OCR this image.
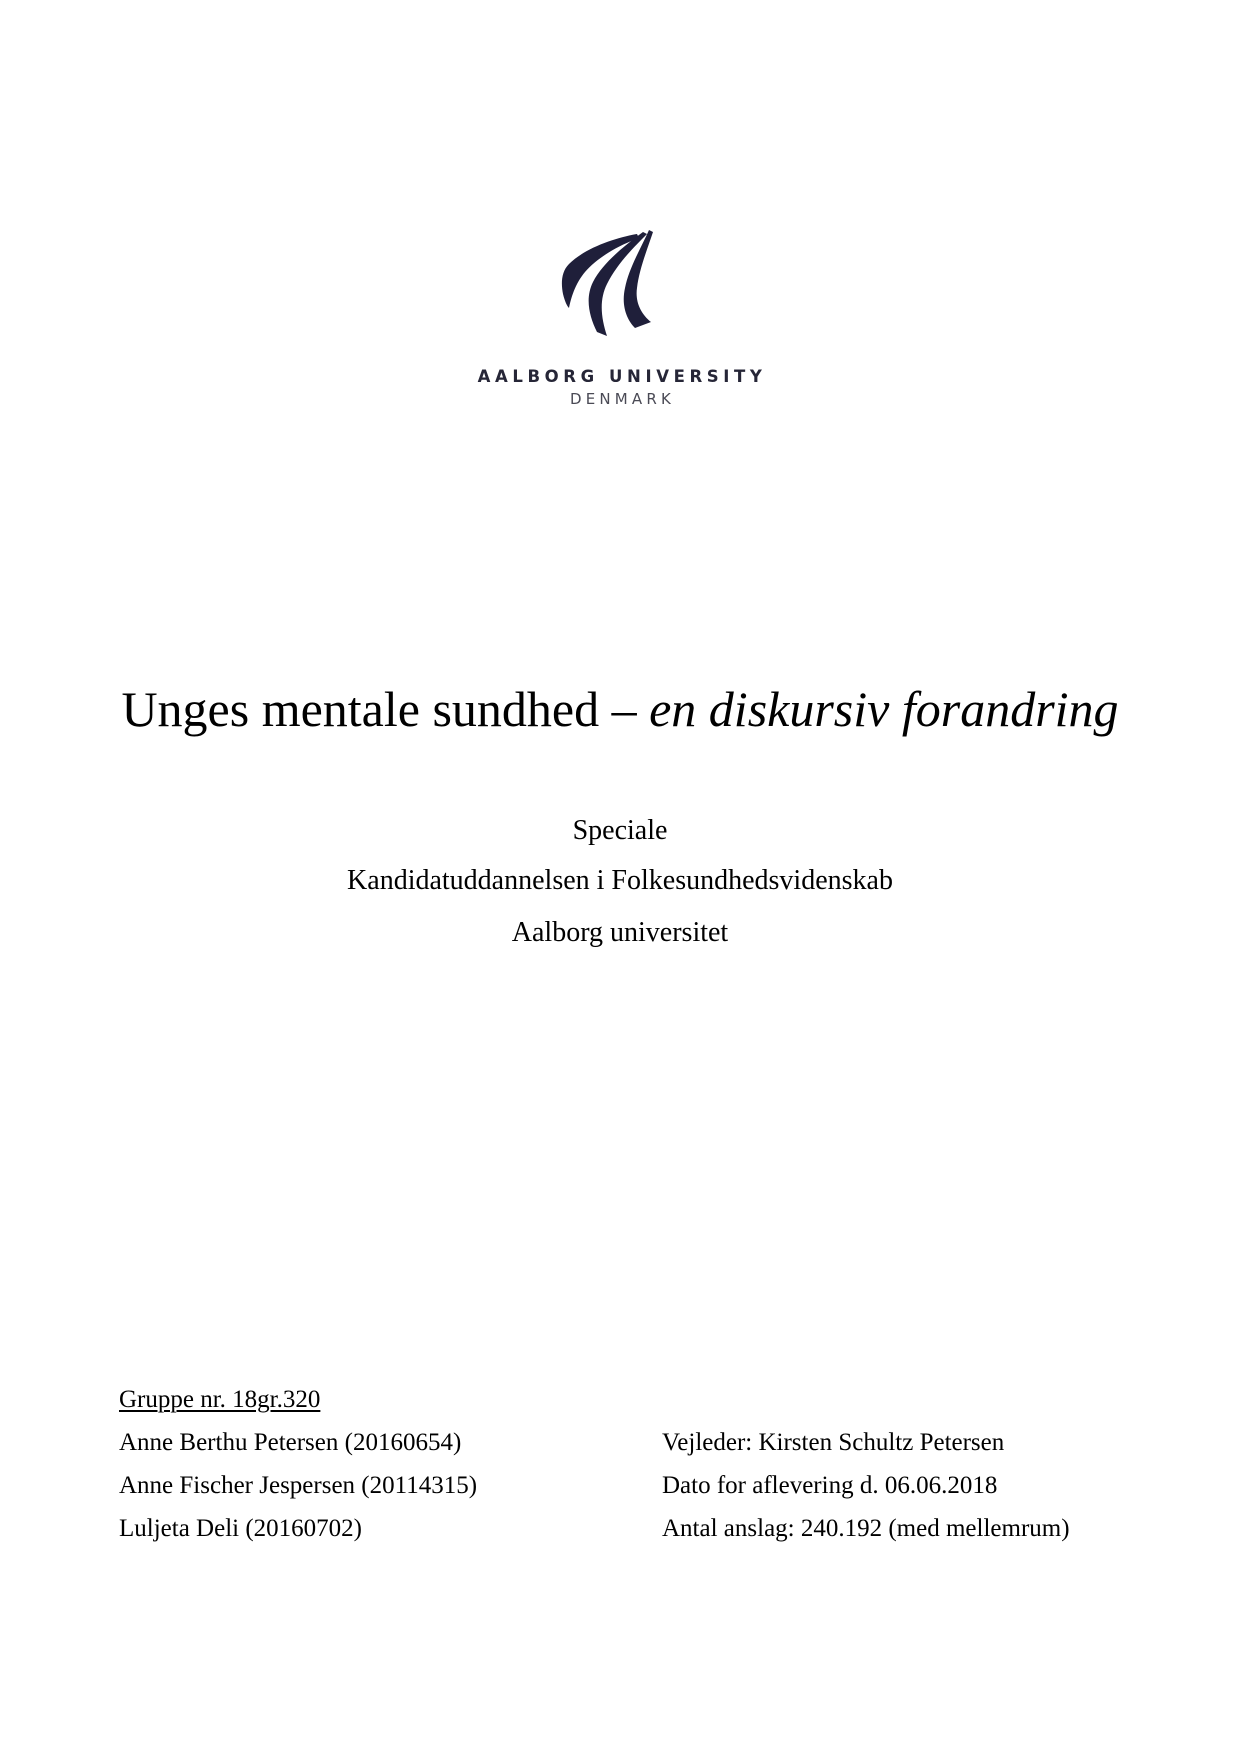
AALBORG UNIVERSITY
DENMARK
Unges mentale sundhed – en diskursiv forandring
Speciale
Kandidatuddannelsen i Folkesundhedsvidenskab
Aalborg universitet
Gruppe nr. 18gr.320
Anne Berthu Petersen (20160654)
Anne Fischer Jespersen (20114315)
Luljeta Deli (20160702)
Vejleder: Kirsten Schultz Petersen
Dato for aflevering d. 06.06.2018
Antal anslag: 240.192 (med mellemrum)
